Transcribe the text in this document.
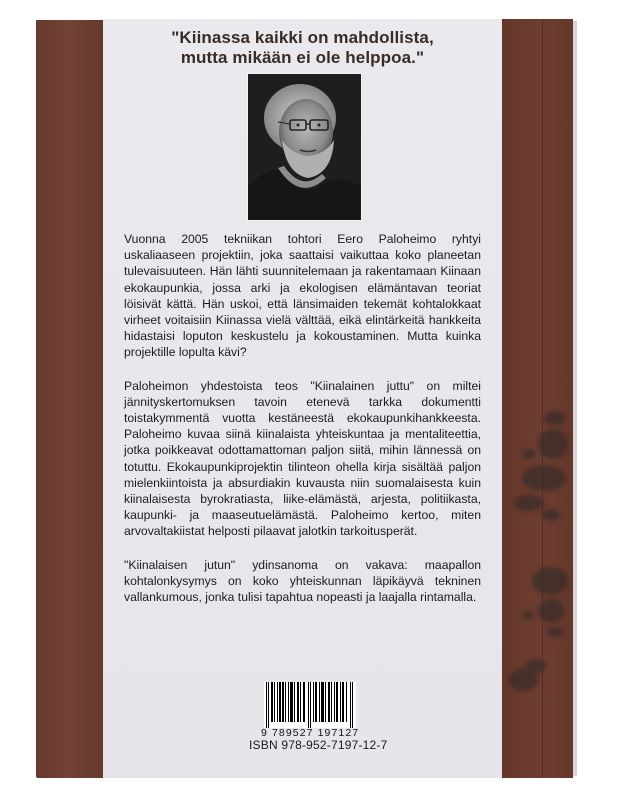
"Kiinassa kaikki on mahdollista,
mutta mikään ei ole helppoa."

Vuonna 2005 tekniikan tohtori Eero Paloheimo ryhtyi uskaliaaseen projektiin, joka saattaisi vaikuttaa koko planeetan tulevaisuuteen. Hän lähti suunnitelemaan ja rakentamaan Kiinaan ekokaupunkia, jossa arki ja ekologisen elämäntavan teoriat löisivät kättä. Hän uskoi, että länsimaiden tekemät kohtalokkaat virheet voitaisiin Kiinassa vielä välttää, eikä elintärkeitä hankkeita hidastaisi loputon keskustelu ja kokoustaminen. Mutta kuinka projektille lopulta kävi?

Paloheimon yhdestoista teos "Kiinalainen juttu" on miltei jännityskertomuksen tavoin etenevä tarkka dokumentti toistakymmentä vuotta kestäneestä ekokaupunkihankkeesta. Paloheimo kuvaa siinä kiinalaista yhteiskuntaa ja mentaliteettia, jotka poikkeavat odottamattoman paljon siitä, mihin lännessä on totuttu. Ekokaupunkiprojektin tilinteon ohella kirja sisältää paljon mielenkiintoista ja absurdiakin kuvausta niin suomalaisesta kuin kiinalaisesta byrokratiasta, liike-elämästä, arjesta, politiikasta, kaupunki- ja maaseutuelämästä. Paloheimo kertoo, miten arvovaltakiistat helposti pilaavat jalotkin tarkoitusperät.

"Kiinalaisen jutun" ydinsanoma on vakava: maapallon kohtalonkysymys on koko yhteiskunnan läpikäyvä tekninen vallankumous, jonka tulisi tapahtua nopeasti ja laajalla rintamalla.

9 789527 197127
ISBN 978-952-7197-12-7
